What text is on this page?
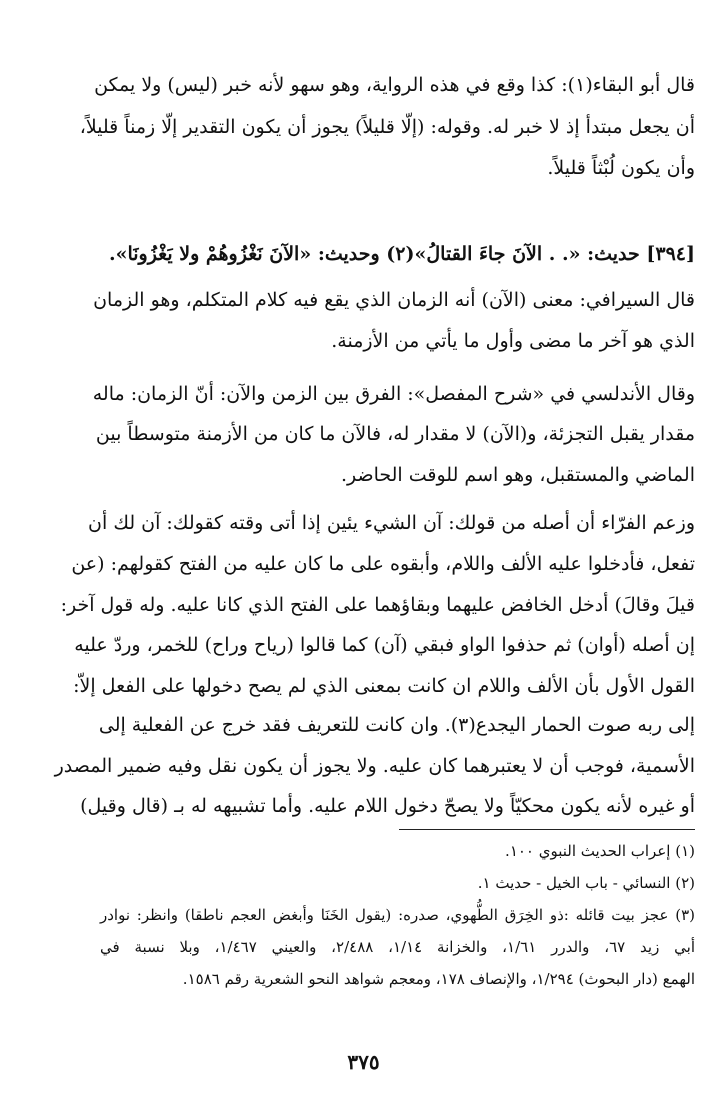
قال أبو البقاء(١): كذا وقع في هذه الرواية، وهو سهو لأنه خبر (ليس) ولا يمكن
أن يجعل مبتدأ إذ لا خبر له. وقوله: (إلّا قليلاً) يجوز أن يكون التقدير إلّا زمناً قليلاً،
وأن يكون لُبْثاً قليلاً.
[٣٩٤] حديث: «. . الآنَ جاءَ القتالُ»(٢) وحديث: «الآنَ نَغْزُوهُمْ ولا يَغْزُونَا».
قال السيرافي: معنى (الآن) أنه الزمان الذي يقع فيه كلام المتكلم، وهو الزمان
الذي هو آخر ما مضى وأول ما يأتي من الأزمنة.
وقال الأندلسي في «شرح المفصل»: الفرق بين الزمن والآن: أنّ الزمان: ماله
مقدار يقبل التجزئة، و(الآن) لا مقدار له، فالآن ما كان من الأزمنة متوسطاً بين
الماضي والمستقبل، وهو اسم للوقت الحاضر.
وزعم الفرّاء أن أصله من قولك: آن الشيء يئين إذا أتى وقته كقولك: آن لك أن
تفعل، فأدخلوا عليه الألف واللام، وأبقوه على ما كان عليه من الفتح كقولهم: (عن
قيلَ وقالَ) أدخل الخافض عليهما وبقاؤهما على الفتح الذي كانا عليه. وله قول آخر:
إن أصله (أوان) ثم حذفوا الواو فبقي (آن) كما قالوا (رياح وراح) للخمر، وردّ عليه
القول الأول بأن الألف واللام ان كانت بمعنى الذي لم يصح دخولها على الفعل إلاّ:
إلى ربه صوت الحمار اليجدع(٣). وان كانت للتعريف فقد خرج عن الفعلية إلى
الأسمية، فوجب أن لا يعتبرهما كان عليه. ولا يجوز أن يكون نقل وفيه ضمير المصدر
أو غيره لأنه يكون محكيّاً ولا يصحّ دخول اللام عليه. وأما تشبيهه له بـ (قال وقيل)
(١) إعراب الحديث النبوي ١٠٠.
(٢) النسائي - باب الخيل - حديث ١.
(٣) عجز بيت قائله :ذو الخِرَق الطُّهوي، صدره: (يقول الخَنَا وأبغض العجم ناطقا) وانظر: نوادر
أبي زيد ٦٧، والدرر ١/٦١، والخزانة ١/١٤، ٢/٤٨٨، والعيني ١/٤٦٧، وبلا نسبة في
الهمع (دار البحوث) ١/٢٩٤، والإنصاف ١٧٨، ومعجم شواهد النحو الشعرية رقم ١٥٨٦.
٣٧٥
